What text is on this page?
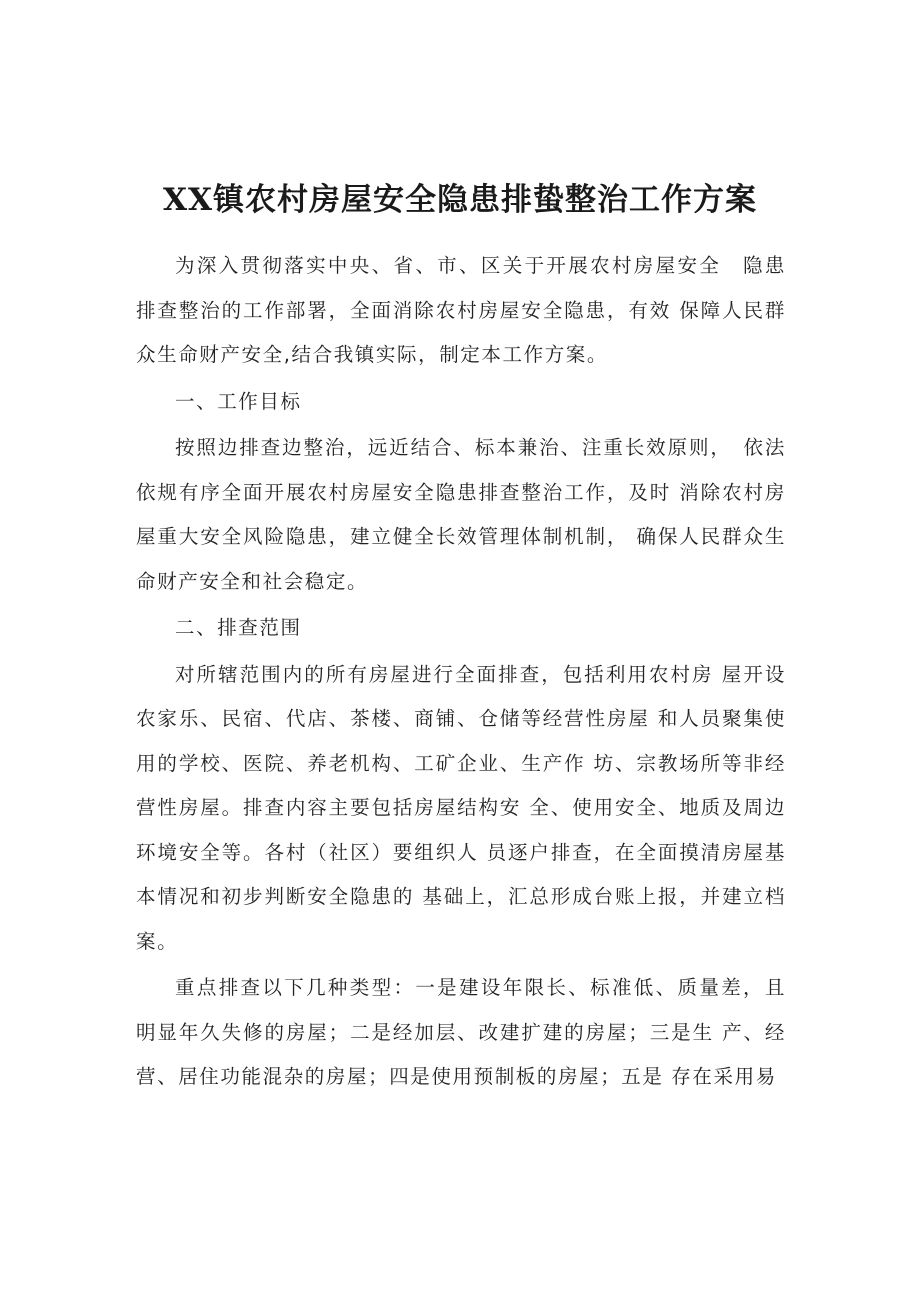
XX镇农村房屋安全隐患排蛰整治工作方案

为深入贯彻落实中央、省、市、区关于开展农村房屋安全　隐患排查整治的工作部署，全面消除农村房屋安全隐患，有效 保障人民群众生命财产安全,结合我镇实际，制定本工作方案。

一、工作目标

按照边排查边整治，远近结合、标本兼治、注重长效原则，　依法依规有序全面开展农村房屋安全隐患排查整治工作，及时 消除农村房屋重大安全风险隐患，建立健全长效管理体制机制， 确保人民群众生命财产安全和社会稳定。

二、排查范围

对所辖范围内的所有房屋进行全面排查，包括利用农村房 屋开设农家乐、民宿、代店、茶楼、商铺、仓储等经营性房屋 和人员聚集使用的学校、医院、养老机构、工矿企业、生产作 坊、宗教场所等非经营性房屋。排查内容主要包括房屋结构安 全、使用安全、地质及周边环境安全等。各村（社区）要组织人 员逐户排查，在全面摸清房屋基本情况和初步判断安全隐患的 基础上，汇总形成台账上报，并建立档案。

重点排查以下几种类型：一是建设年限长、标准低、质量差，且明显年久失修的房屋；二是经加层、改建扩建的房屋；三是生 产、经营、居住功能混杂的房屋；四是使用预制板的房屋；五是 存在采用易
